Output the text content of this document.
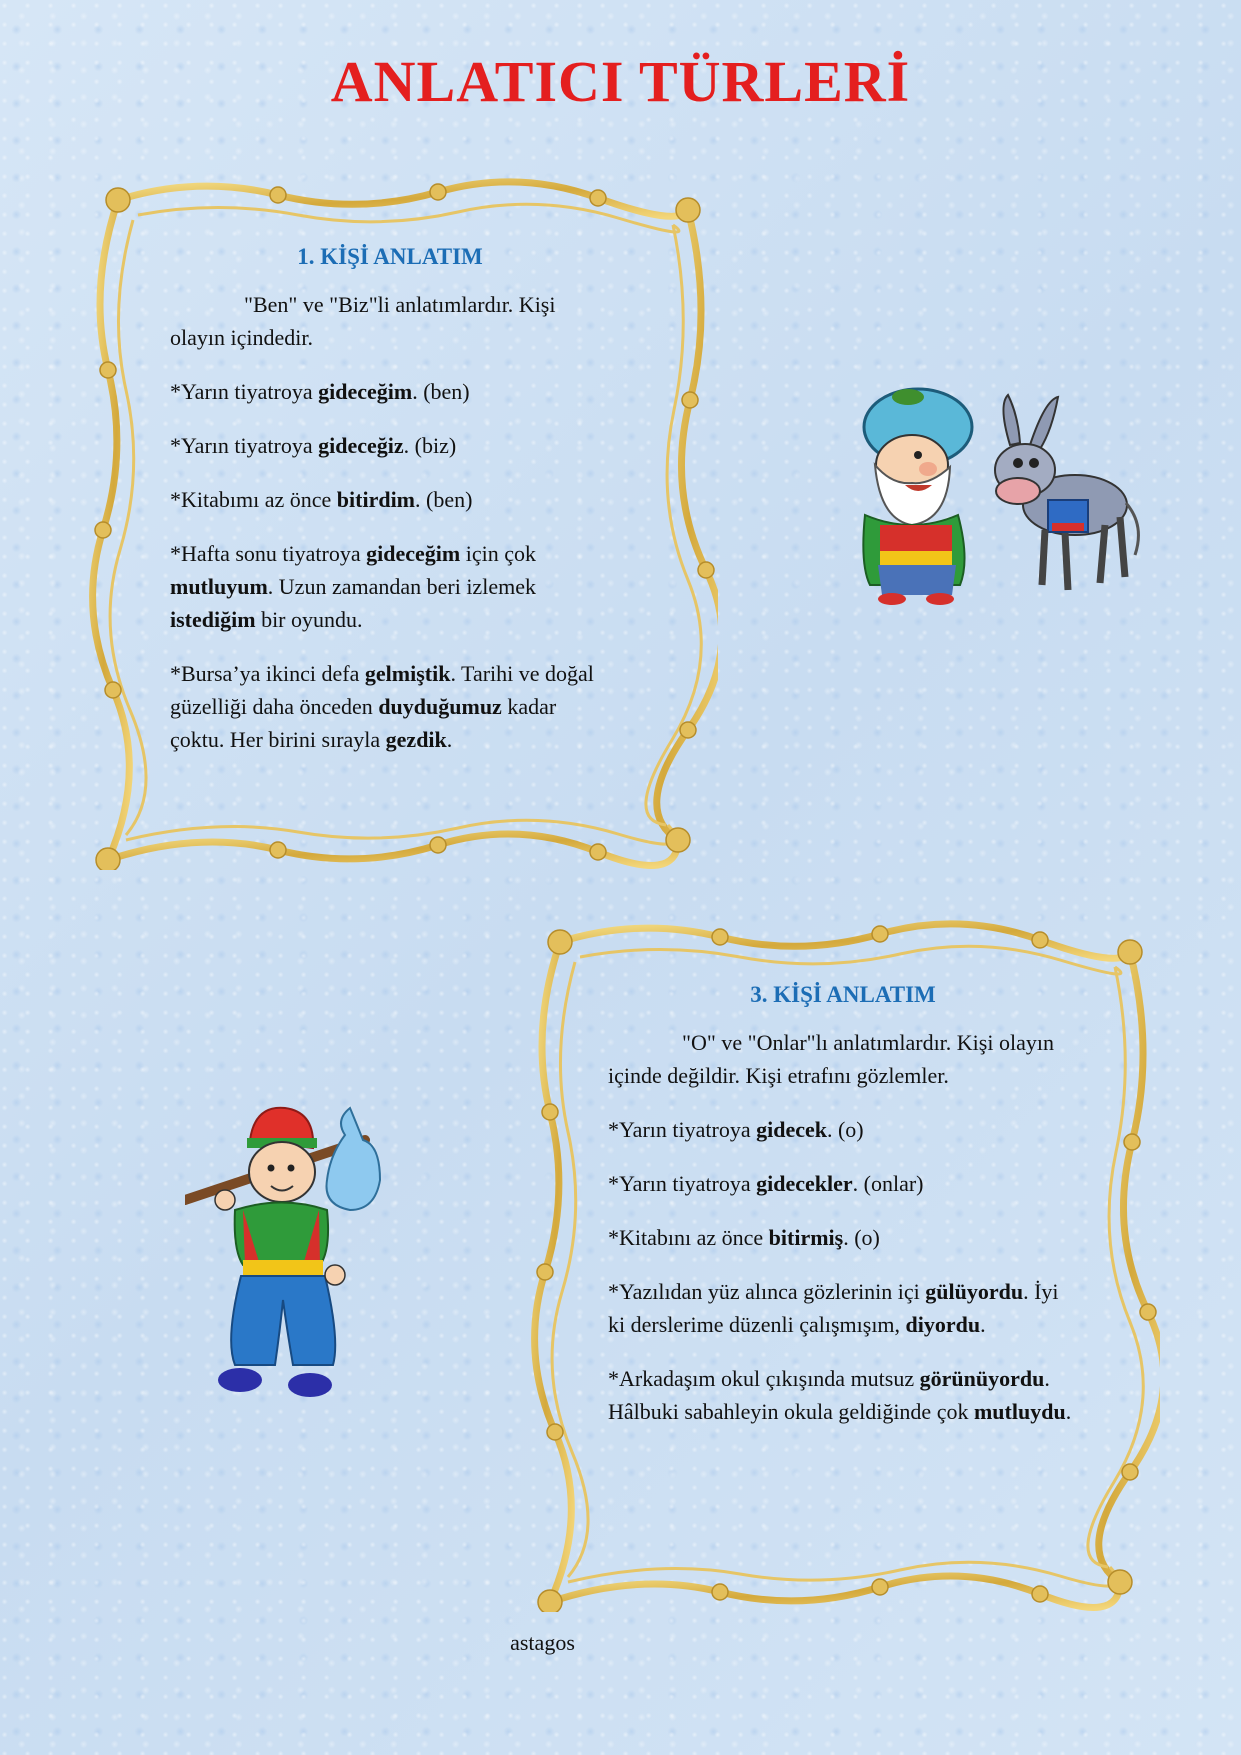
ANLATICI TÜRLERİ
1. KİŞİ ANLATIM

"Ben" ve "Biz"li anlatımlardır. Kişi olayın içindedir.

*Yarın tiyatroya gideceğim. (ben)

*Yarın tiyatroya gideceğiz. (biz)

*Kitabımı az önce bitirdim. (ben)

*Hafta sonu tiyatroya gideceğim için çok mutluyum. Uzun zamandan beri izlemek istediğim bir oyundu.

*Bursa’ya ikinci defa gelmiştik. Tarihi ve doğal güzelliği daha önceden duyduğumuz kadar çoktu. Her birini sırayla gezdik.

3. KİŞİ ANLATIM

"O" ve "Onlar"lı anlatımlardır. Kişi olayın içinde değildir. Kişi etrafını gözlemler.

*Yarın tiyatroya gidecek. (o)

*Yarın tiyatroya gidecekler. (onlar)

*Kitabını az önce bitirmiş. (o)

*Yazılıdan yüz alınca gözlerinin içi gülüyordu. İyi ki derslerime düzenli çalışmışım, diyordu.

*Arkadaşım okul çıkışında mutsuz görünüyordu. Hâlbuki sabahleyin okula geldiğinde çok mutluydu.

astagos
